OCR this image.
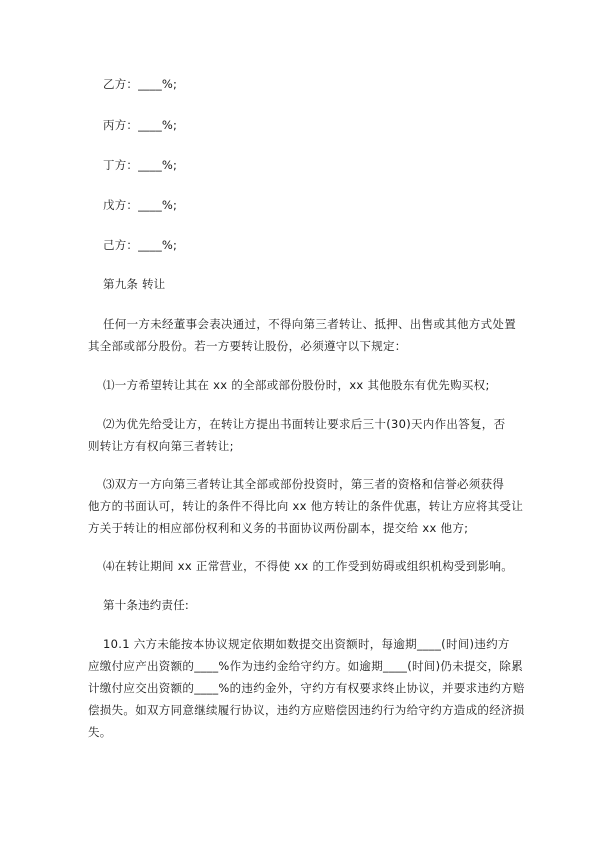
乙方：____%;
丙方：____%;
丁方：____%;
戊方：____%;
己方：____%;
第九条 转让
任何一方未经董事会表决通过，不得向第三者转让、抵押、出售或其他方式处置
其全部或部分股份。若一方要转让股份，必须遵守以下规定：
⑴一方希望转让其在 xx 的全部或部份股份时，xx 其他股东有优先购买权;
⑵为优先给受让方，在转让方提出书面转让要求后三十(30)天内作出答复，否
则转让方有权向第三者转让;
⑶双方一方向第三者转让其全部或部份投资时，第三者的资格和信誉必须获得
他方的书面认可，转让的条件不得比向 xx 他方转让的条件优惠，转让方应将其受让
方关于转让的相应部份权利和义务的书面协议两份副本，提交给 xx 他方;
⑷在转让期间 xx 正常营业，不得使 xx 的工作受到妨碍或组织机构受到影响。
第十条违约责任:
10.1 六方未能按本协议规定依期如数提交出资额时，每逾期____(时间)违约方
应缴付应产出资额的____%作为违约金给守约方。如逾期____(时间)仍未提交，除累
计缴付应交出资额的____%的违约金外，守约方有权要求终止协议，并要求违约方赔
偿损失。如双方同意继续履行协议，违约方应赔偿因违约行为给守约方造成的经济损
失。
